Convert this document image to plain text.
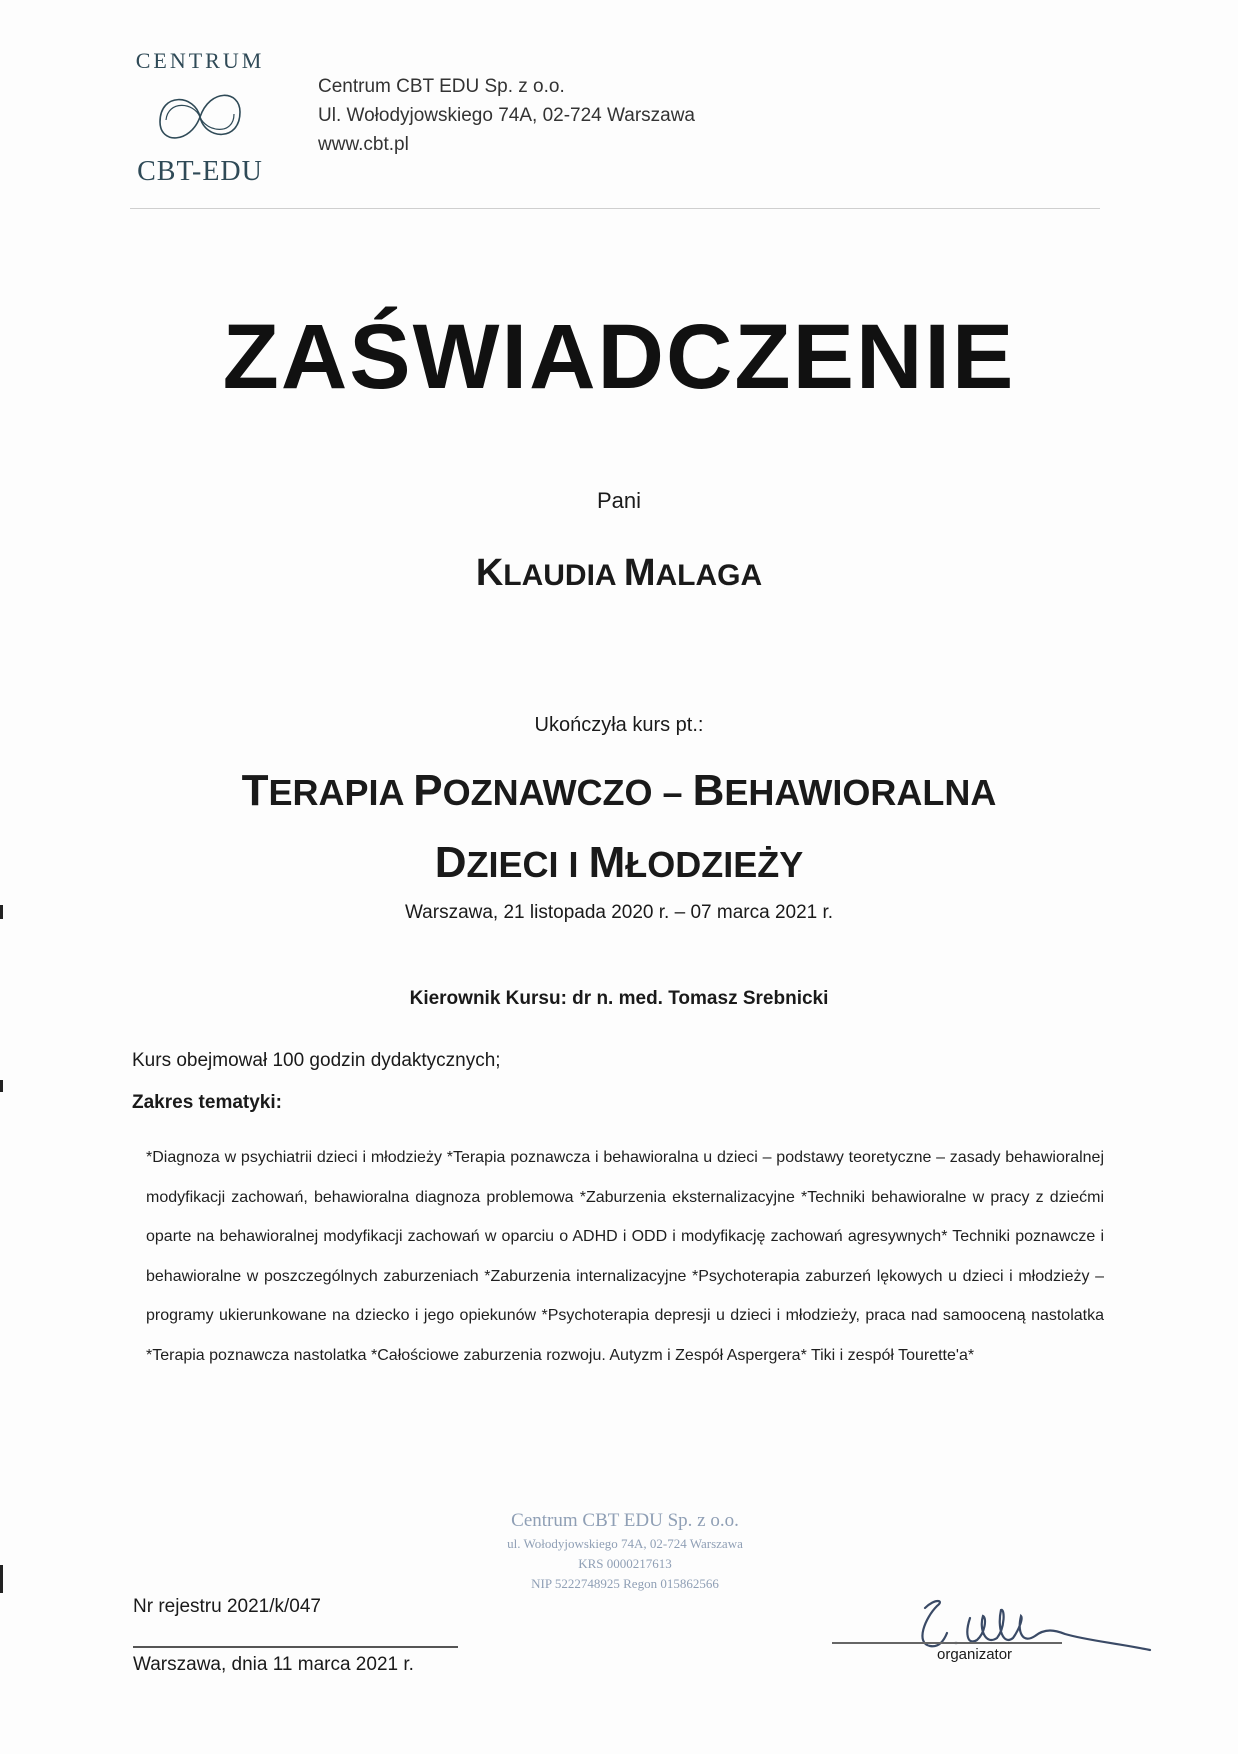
CENTRUM
CBT-EDU
Centrum CBT EDU Sp. z o.o.
Ul. Wołodyjowskiego 74A, 02-724 Warszawa
www.cbt.pl
ZAŚWIADCZENIE
Pani
KLAUDIA MALAGA
Ukończyła kurs pt.:
TERAPIA POZNAWCZO – BEHAWIORALNA
DZIECI I MŁODZIEŻY
Warszawa, 21 listopada 2020 r. – 07 marca 2021 r.
Kierownik Kursu: dr n. med. Tomasz Srebnicki
Kurs obejmował 100 godzin dydaktycznych;
Zakres tematyki:
*Diagnoza w psychiatrii dzieci i młodzieży *Terapia poznawcza i behawioralna u dzieci – podstawy teoretyczne – zasady behawioralnej modyfikacji zachowań, behawioralna diagnoza problemowa *Zaburzenia eksternalizacyjne *Techniki behawioralne w pracy z dziećmi oparte na behawioralnej modyfikacji zachowań w oparciu o ADHD i ODD i modyfikację zachowań agresywnych* Techniki poznawcze i behawioralne w poszczególnych zaburzeniach *Zaburzenia internalizacyjne *Psychoterapia zaburzeń lękowych u dzieci i młodzieży – programy ukierunkowane na dziecko i jego opiekunów *Psychoterapia depresji u dzieci i młodzieży, praca nad samooceną nastolatka *Terapia poznawcza nastolatka *Całościowe zaburzenia rozwoju. Autyzm i Zespół Aspergera* Tiki i zespół Tourette'a*
Centrum CBT EDU Sp. z o.o.
ul. Wołodyjowskiego 74A, 02-724 Warszawa
KRS 0000217613
NIP 5222748925 Regon 015862566
Nr rejestru 2021/k/047
Warszawa, dnia 11 marca 2021 r.	organizator
